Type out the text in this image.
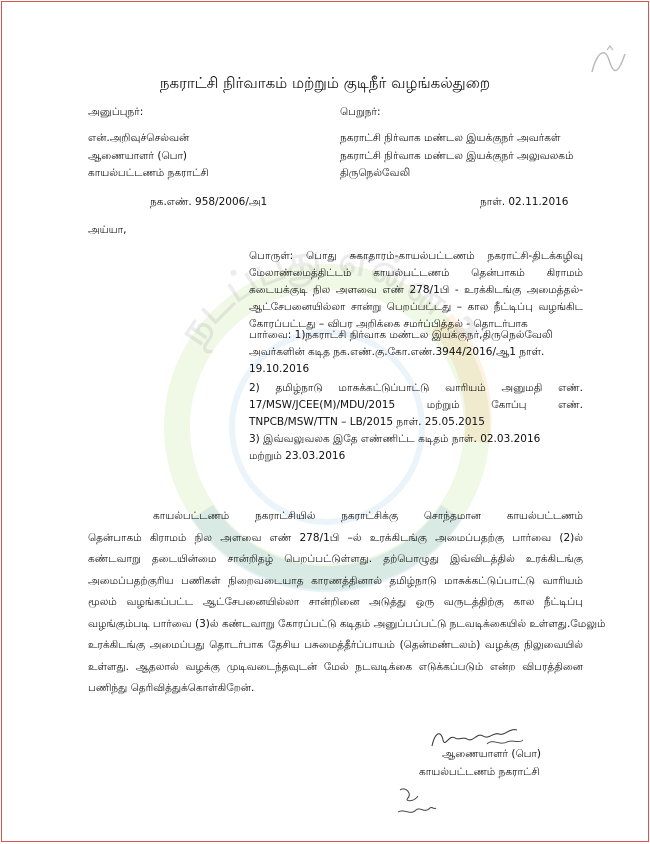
நடப்பது என்ன ?
நகராட்சி நிர்வாகம் மற்றும் குடிநீர் வழங்கல்துறை
அனுப்புநர்:	பெறுநர்:
என்.அறிவுச்செல்வன்
ஆணையாளர் (பொ)
காயல்பட்டணம் நகராட்சி
நகராட்சி நிர்வாக மண்டல இயக்குநர் அவர்கள்
நகராட்சி நிர்வாக மண்டல இயக்குநர் அலுவலகம்
திருநெல்வேலி
நக.எண். 958/2006/அ1	நாள். 02.11.2016
அய்யா,
பொருள்: பொது சுகாதாரம்-காயல்பட்டணம் நகராட்சி-திடக்கழிவு மேலாண்மைத்திட்டம் காயல்பட்டணம் தென்பாகம் கிராமம் கடையக்குடி நில அளவை எண் 278/1பி - உரக்கிடங்கு அமைத்தல்-ஆட்சேபனையில்லா சான்று பெறப்பட்டது – கால நீட்டிப்பு வழங்கிட கோரப்பட்டது – விபர அறிக்கை சமர்ப்பித்தல் - தொடர்பாக
பார்வை: 1)நகராட்சி நிர்வாக மண்டல இயக்குநர்,திருநெல்வேலி
அவர்களின் கடித நக.எண்.கு.கோ.எண்.3944/2016/ஆ1 நாள்.
19.10.2016
2) தமிழ்நாடு மாசுக்கட்டுப்பாட்டு வாரியம் அனுமதி எண். 17/MSW/JCEE(M)/MDU/2015 மற்றும் கோப்பு எண். TNPCB/MSW/TTN – LB/2015 நாள். 25.05.2015
3) இவ்வலுவலக இதே எண்ணிட்ட கடிதம் நாள். 02.03.2016
மற்றும் 23.03.2016
காயல்பட்டணம் நகராட்சியில் நகராட்சிக்கு சொந்தமான காயல்பட்டணம்
தென்பாகம் கிராமம் நில அளவை எண் 278/1பி –ல் உரக்கிடங்கு அமைப்பதற்கு பார்வை (2)ல்
கண்டவாறு தடையின்மை சான்றிதழ் பெறப்பட்டுள்ளது. தற்பொழுது இவ்விடத்தில் உரக்கிடங்கு
அமைப்பதற்குரிய பணிகள் நிறைவடையாத காரணத்தினால் தமிழ்நாடு மாசுக்கட்டுப்பாட்டு வாரியம்
மூலம் வழங்கப்பட்ட ஆட்சேபனையில்லா சான்றினை அடுத்து ஒரு வருடத்திற்கு கால நீட்டிப்பு
வழங்கும்படி பார்வை (3)ல் கண்டவாறு கோரப்பட்டு கடிதம் அனுப்பப்பட்டு நடவடிக்கையில் உள்ளது.மேலும்
உரக்கிடங்கு அமைப்பது தொடர்பாக தேசிய பசுமைத்தீர்ப்பாயம் (தென்மண்டலம்) வழக்கு நிலுவையில்
உள்ளது. ஆதலால் வழக்கு முடிவடைந்தவுடன் மேல் நடவடிக்கை எடுக்கப்படும் என்ற விபரத்தினை
பணிந்து தெரிவித்துக்கொள்கிறேன்.
ஆணையாளர் (பொ)
காயல்பட்டணம் நகராட்சி
